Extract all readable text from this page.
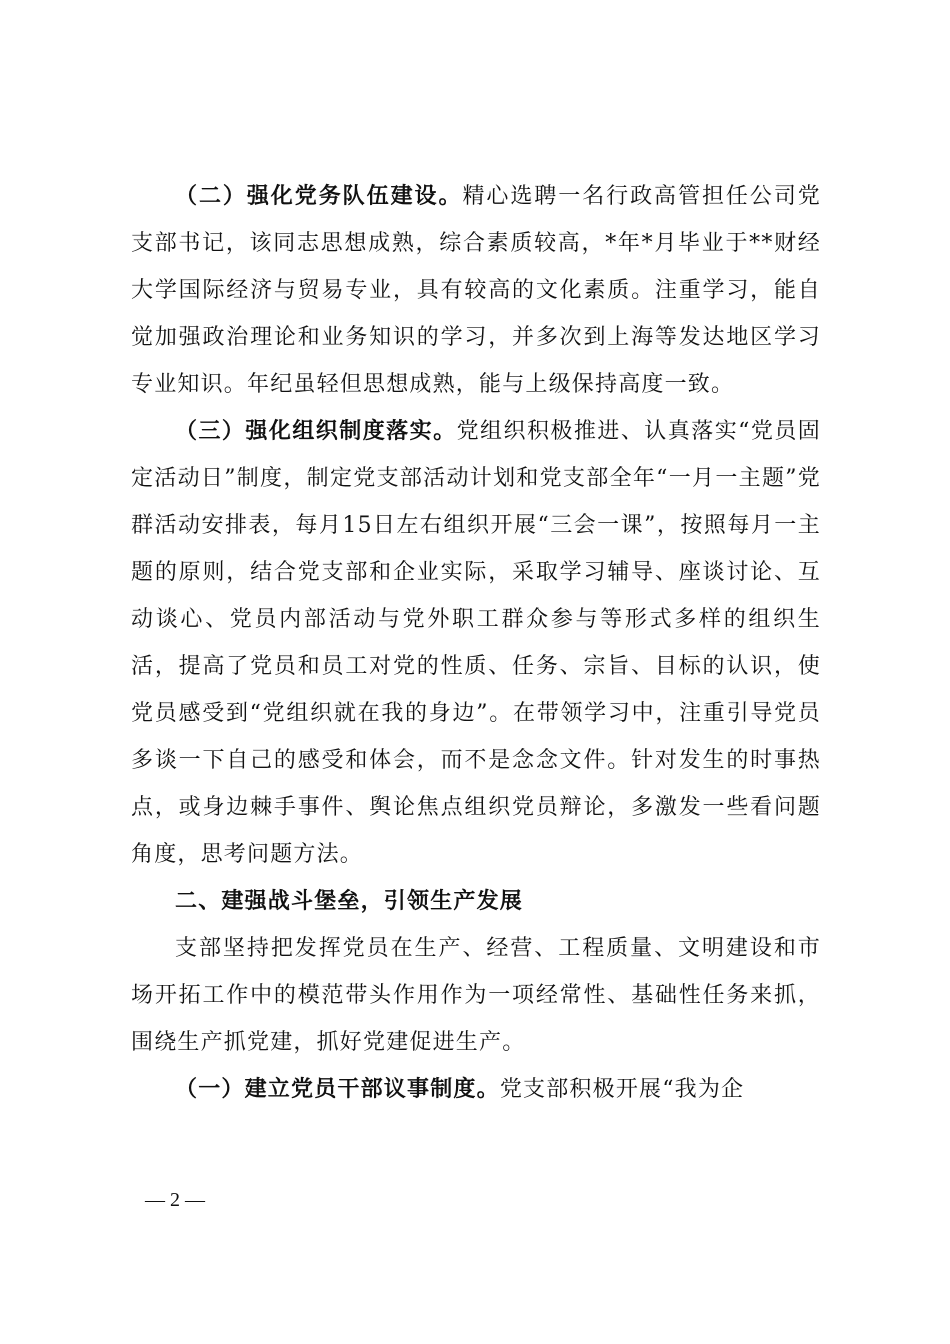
（二）强化党务队伍建设。精心选聘一名行政高管担任公司党支部书记，该同志思想成熟，综合素质较高，*年*月毕业于**财经大学国际经济与贸易专业，具有较高的文化素质。注重学习，能自觉加强政治理论和业务知识的学习，并多次到上海等发达地区学习专业知识。年纪虽轻但思想成熟，能与上级保持高度一致。

（三）强化组织制度落实。党组织积极推进、认真落实“党员固定活动日”制度，制定党支部活动计划和党支部全年“一月一主题”党群活动安排表，每月15日左右组织开展“三会一课”，按照每月一主题的原则，结合党支部和企业实际，采取学习辅导、座谈讨论、互动谈心、党员内部活动与党外职工群众参与等形式多样的组织生活，提高了党员和员工对党的性质、任务、宗旨、目标的认识，使党员感受到“党组织就在我的身边”。在带领学习中，注重引导党员多谈一下自己的感受和体会，而不是念念文件。针对发生的时事热点，或身边棘手事件、舆论焦点组织党员辩论，多激发一些看问题角度，思考问题方法。

二、建强战斗堡垒，引领生产发展

支部坚持把发挥党员在生产、经营、工程质量、文明建设和市场开拓工作中的模范带头作用作为一项经常性、基础性任务来抓，围绕生产抓党建，抓好党建促进生产。

（一）建立党员干部议事制度。党支部积极开展“我为企

— 2 —
